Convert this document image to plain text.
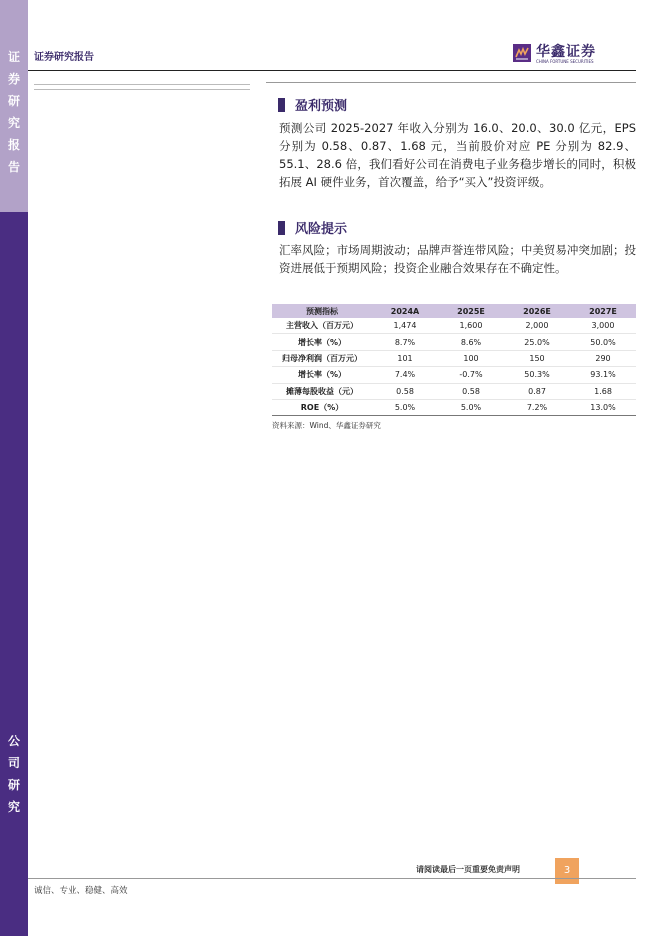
证
券
研
究
报
告
公
司
研
究
证券研究报告	华鑫证券
CHINA FORTUNE SECURITIES
盈利预测
预测公司 2025-2027 年收入分别为 16.0、20.0、30.0 亿元，EPS 分别为 0.58、0.87、1.68 元，当前股价对应 PE 分别为 82.9、55.1、28.6 倍，我们看好公司在消费电子业务稳步增长的同时，积极拓展 AI 硬件业务，首次覆盖，给予“买入”投资评级。
风险提示
汇率风险；市场周期波动；品牌声誉连带风险；中美贸易冲突加剧；投资进展低于预期风险；投资企业融合效果存在不确定性。
预测指标	2024A	2025E	2026E	2027E
主营收入（百万元）	1,474	1,600	2,000	3,000
增长率（%）	8.7%	8.6%	25.0%	50.0%
归母净利润（百万元）	101	100	150	290
增长率（%）	7.4%	-0.7%	50.3%	93.1%
摊薄每股收益（元）	0.58	0.58	0.87	1.68
ROE（%）	5.0%	5.0%	7.2%	13.0%
资料来源：Wind、华鑫证券研究
请阅读最后一页重要免责声明	3
诚信、专业、稳健、高效
